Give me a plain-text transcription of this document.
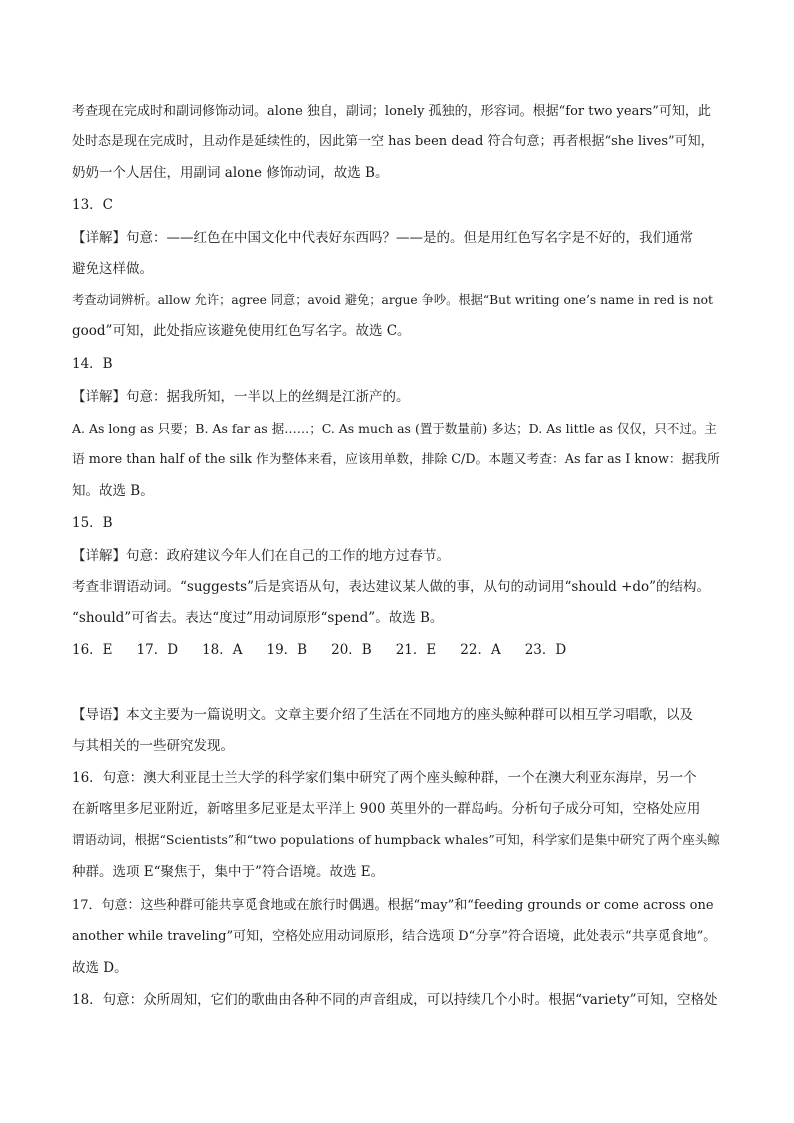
考查现在完成时和副词修饰动词。alone 独自，副词；lonely 孤独的，形容词。根据“for two years”可知，此
处时态是现在完成时，且动作是延续性的，因此第一空 has been dead 符合句意；再者根据“she lives”可知，
奶奶一个人居住，用副词 alone 修饰动词，故选 B。
13．C
【详解】句意：——红色在中国文化中代表好东西吗？——是的。但是用红色写名字是不好的，我们通常
避免这样做。
考查动词辨析。allow 允许；agree 同意；avoid 避免；argue 争吵。根据“But writing one’s name in red is not
good”可知，此处指应该避免使用红色写名字。故选 C。
14．B
【详解】句意：据我所知，一半以上的丝绸是江浙产的。
A. As long as 只要；B. As far as 据……；C. As much as (置于数量前) 多达；D. As little as 仅仅，只不过。主
语 more than half of the silk 作为整体来看，应该用单数，排除 C/D。本题又考查：As far as I know：据我所
知。故选 B。
15．B
【详解】句意：政府建议今年人们在自己的工作的地方过春节。
考查非谓语动词。“suggests”后是宾语从句，表达建议某人做的事，从句的动词用“should +do”的结构。
“should”可省去。表达“度过”用动词原形“spend”。故选 B。
16．E 17．D 18．A 19．B 20．B 21．E 22．A 23．D
【导语】本文主要为一篇说明文。文章主要介绍了生活在不同地方的座头鲸种群可以相互学习唱歌，以及
与其相关的一些研究发现。
16．句意：澳大利亚昆士兰大学的科学家们集中研究了两个座头鲸种群，一个在澳大利亚东海岸，另一个
在新喀里多尼亚附近，新喀里多尼亚是太平洋上 900 英里外的一群岛屿。分析句子成分可知，空格处应用
谓语动词，根据“Scientists”和“two populations of humpback whales”可知，科学家们是集中研究了两个座头鲸
种群。选项 E“聚焦于，集中于”符合语境。故选 E。
17．句意：这些种群可能共享觅食地或在旅行时偶遇。根据“may”和“feeding grounds or come across one
another while traveling”可知，空格处应用动词原形，结合选项 D“分享”符合语境，此处表示“共享觅食地”。
故选 D。
18．句意：众所周知，它们的歌曲由各种不同的声音组成，可以持续几个小时。根据“variety”可知，空格处
